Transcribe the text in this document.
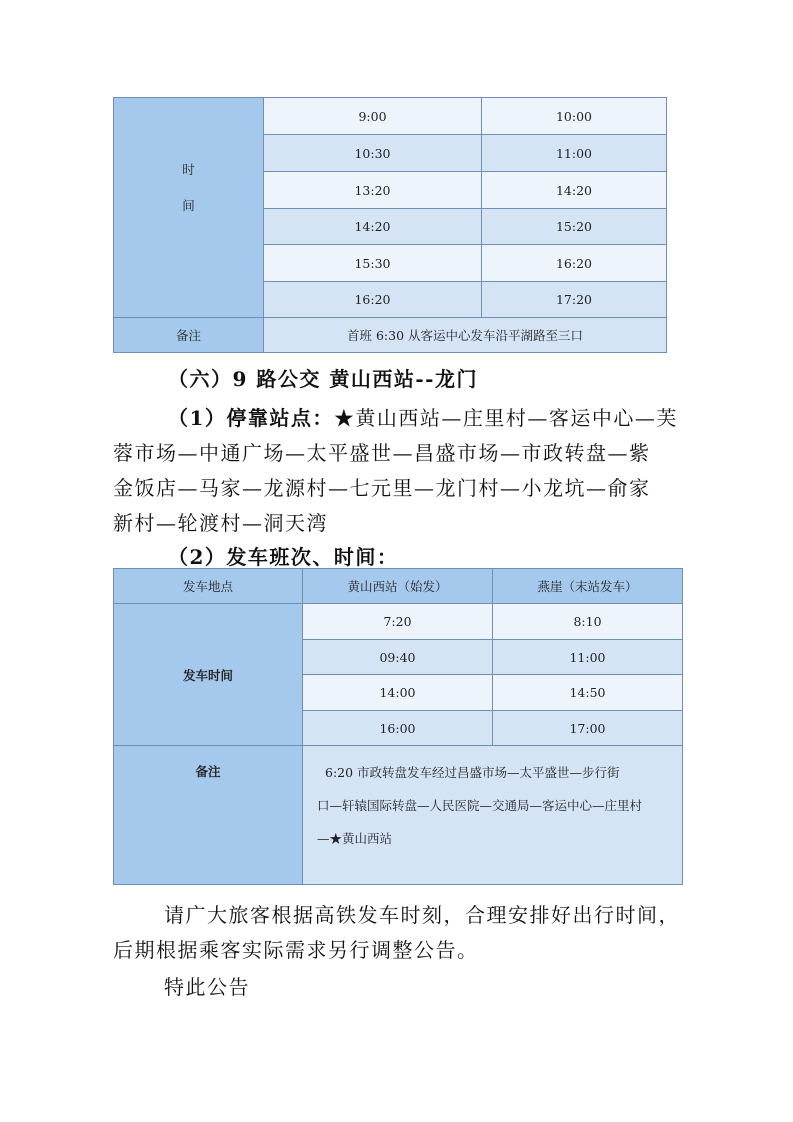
时
间	9:00	10:00
	10:30	11:00
	13:20	14:20
	14:20	15:20
	15:30	16:20
	16:20	17:20
备注	首班 6:30 从客运中心发车沿平湖路至三口	
（六）9 路公交 黄山西站--龙门
（1）停靠站点：★黄山西站—庄里村—客运中心—芙
蓉市场—中通广场—太平盛世—昌盛市场—市政转盘—紫
金饭店—马家—龙源村—七元里—龙门村—小龙坑—俞家
新村—轮渡村—洞天湾
（2）发车班次、时间：
发车地点	黄山西站（始发）	燕崖（末站发车）
发车时间	7:20	8:10
	09:40	11:00
	14:00	14:50
	16:00	17:00
备注	6:20 市政转盘发车经过昌盛市场—太平盛世—步行街
口—轩辕国际转盘—人民医院—交通局—客运中心—庄里村
—★黄山西站	
请广大旅客根据高铁发车时刻，合理安排好出行时间，
后期根据乘客实际需求另行调整公告。
特此公告
